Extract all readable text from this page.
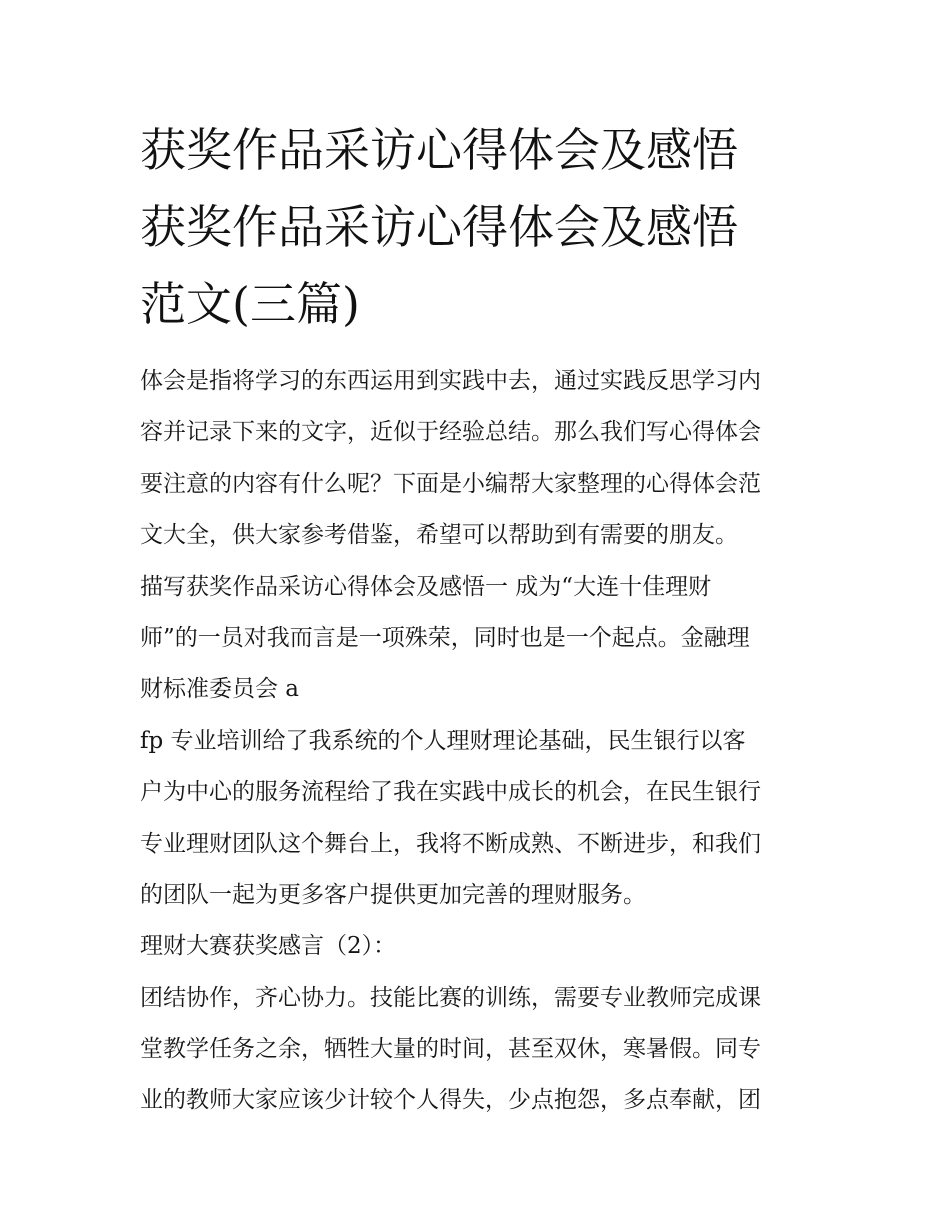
获奖作品采访心得体会及感悟
获奖作品采访心得体会及感悟
范文(三篇)
体会是指将学习的东西运用到实践中去，通过实践反思学习内
容并记录下来的文字，近似于经验总结。那么我们写心得体会
要注意的内容有什么呢？下面是小编帮大家整理的心得体会范
文大全，供大家参考借鉴，希望可以帮助到有需要的朋友。
描写获奖作品采访心得体会及感悟一 成为“大连十佳理财
师”的一员对我而言是一项殊荣，同时也是一个起点。金融理
财标准委员会 a
fp 专业培训给了我系统的个人理财理论基础，民生银行以客
户为中心的服务流程给了我在实践中成长的机会，在民生银行
专业理财团队这个舞台上，我将不断成熟、不断进步，和我们
的团队一起为更多客户提供更加完善的理财服务。
理财大赛获奖感言（2）：
团结协作，齐心协力。技能比赛的训练，需要专业教师完成课
堂教学任务之余，牺牲大量的时间，甚至双休，寒暑假。同专
业的教师大家应该少计较个人得失，少点抱怨，多点奉献，团
